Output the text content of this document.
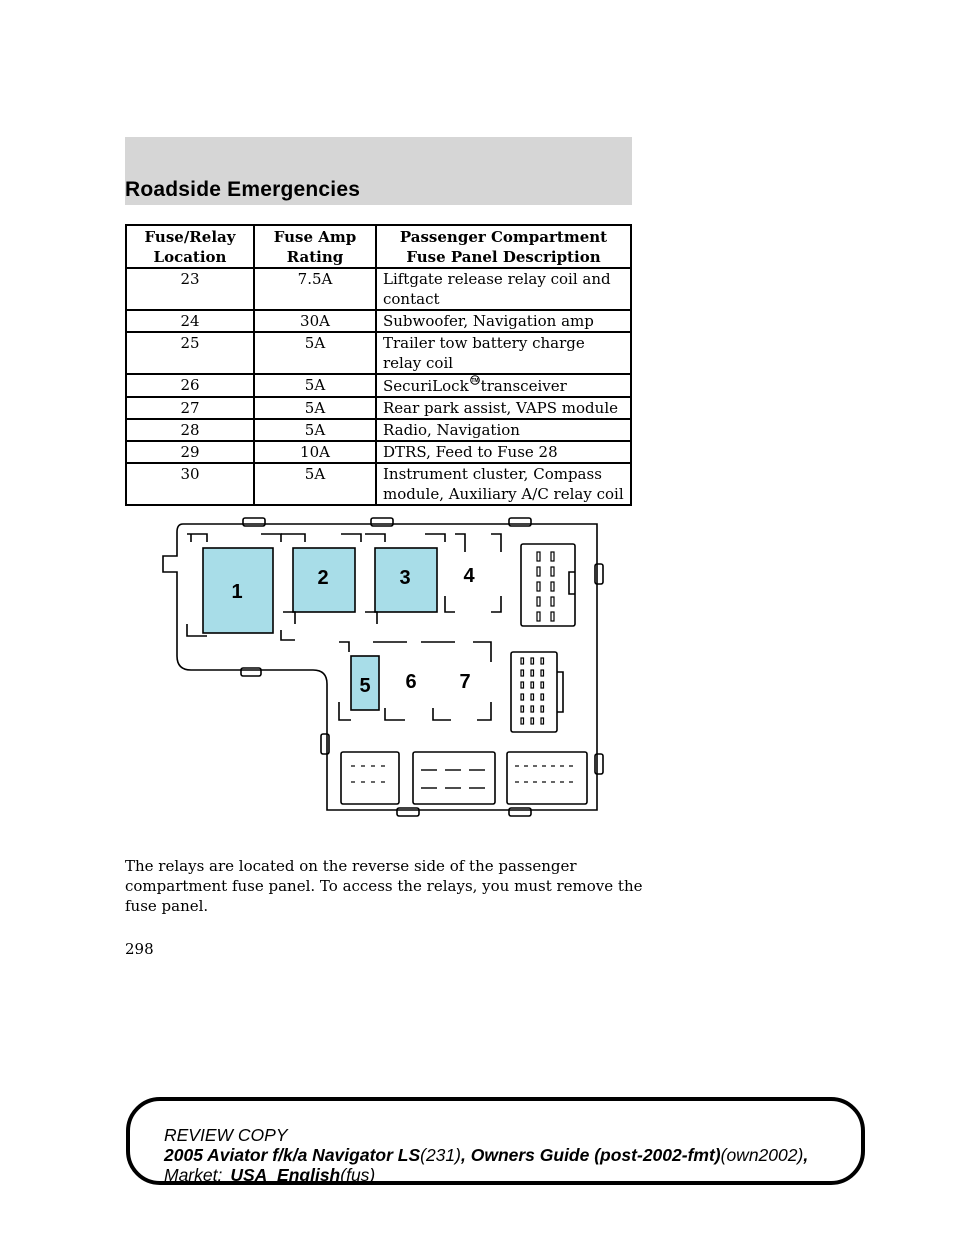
Roadside Emergencies
Fuse/Relay Location	Fuse Amp Rating	Passenger Compartment Fuse Panel Description
23	7.5A	Liftgate release relay coil and contact
24	30A	Subwoofer, Navigation amp
25	5A	Trailer tow battery charge relay coil
26	5A	SecuriLock TM transceiver
27	5A	Rear park assist, VAPS module
28	5A	Radio, Navigation
29	10A	DTRS, Feed to Fuse 28
30	5A	Instrument cluster, Compass module, Auxiliary A/C relay coil
1
2	3	4
5 6 7
The relays are located on the reverse side of the passenger compartment fuse panel. To access the relays, you must remove the fuse panel.
298
REVIEW COPY
2005 Aviator f/k/a Navigator LS(231), Owners Guide (post-2002-fmt)(own2002),
Market: USA_English(fus)
